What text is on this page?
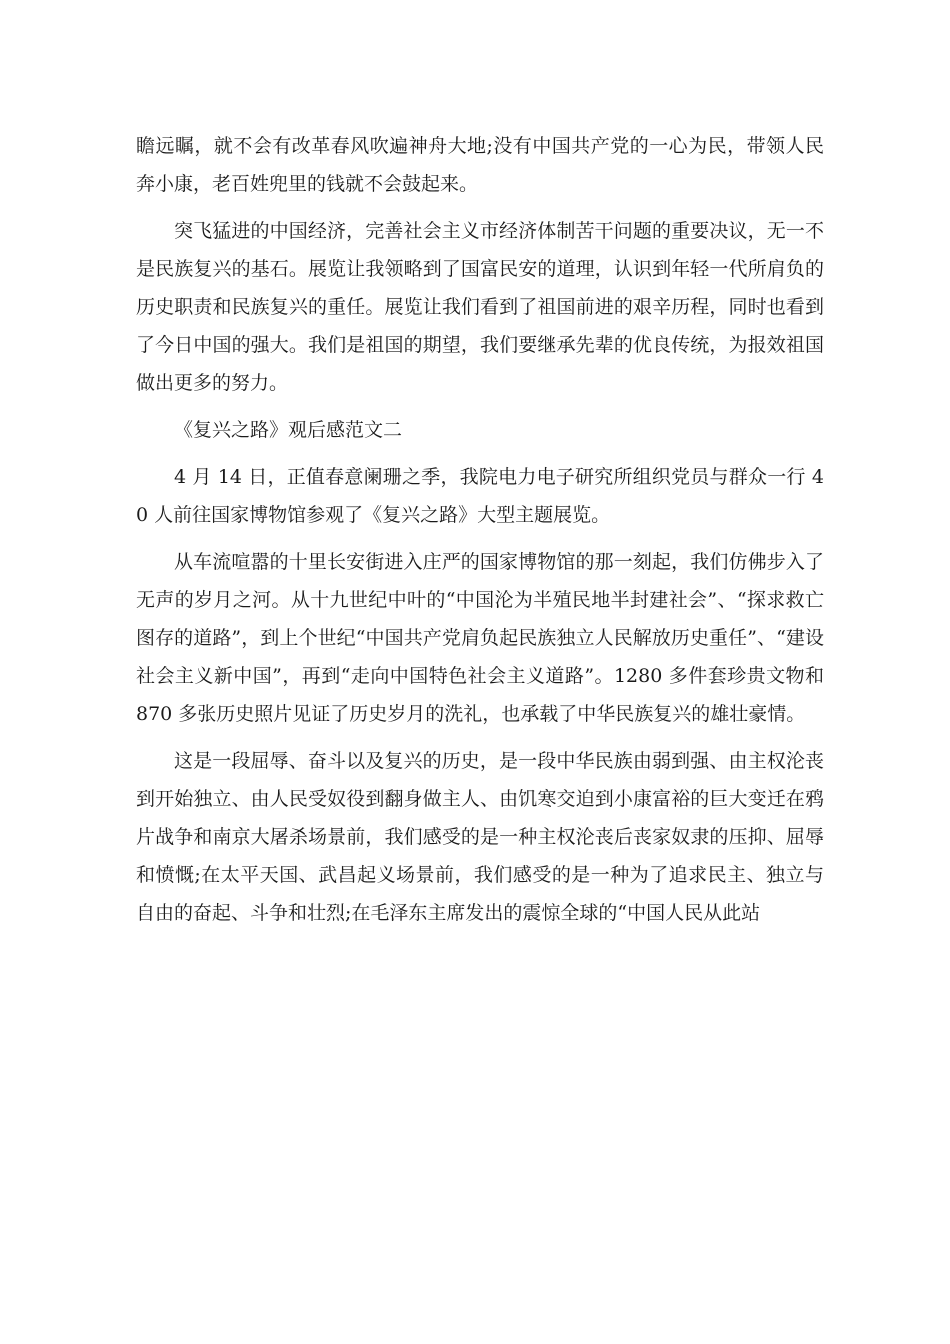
瞻远瞩，就不会有改革春风吹遍神舟大地;没有中国共产党的一心为民，带领人民奔小康，老百姓兜里的钱就不会鼓起来。

突飞猛进的中国经济，完善社会主义市经济体制苦干问题的重要决议，无一不是民族复兴的基石。展览让我领略到了国富民安的道理，认识到年轻一代所肩负的历史职责和民族复兴的重任。展览让我们看到了祖国前进的艰辛历程，同时也看到了今日中国的强大。我们是祖国的期望，我们要继承先辈的优良传统，为报效祖国做出更多的努力。

《复兴之路》观后感范文二

4 月 14 日，正值春意阑珊之季，我院电力电子研究所组织党员与群众一行 40 人前往国家博物馆参观了《复兴之路》大型主题展览。

从车流喧嚣的十里长安街进入庄严的国家博物馆的那一刻起，我们仿佛步入了无声的岁月之河。从十九世纪中叶的“中国沦为半殖民地半封建社会”、“探求救亡图存的道路”，到上个世纪“中国共产党肩负起民族独立人民解放历史重任”、“建设社会主义新中国”，再到“走向中国特色社会主义道路”。1280 多件套珍贵文物和 870 多张历史照片见证了历史岁月的洗礼，也承载了中华民族复兴的雄壮豪情。

这是一段屈辱、奋斗以及复兴的历史，是一段中华民族由弱到强、由主权沦丧到开始独立、由人民受奴役到翻身做主人、由饥寒交迫到小康富裕的巨大变迁在鸦片战争和南京大屠杀场景前，我们感受的是一种主权沦丧后丧家奴隶的压抑、屈辱和愤慨;在太平天国、武昌起义场景前，我们感受的是一种为了追求民主、独立与自由的奋起、斗争和壮烈;在毛泽东主席发出的震惊全球的“中国人民从此站
